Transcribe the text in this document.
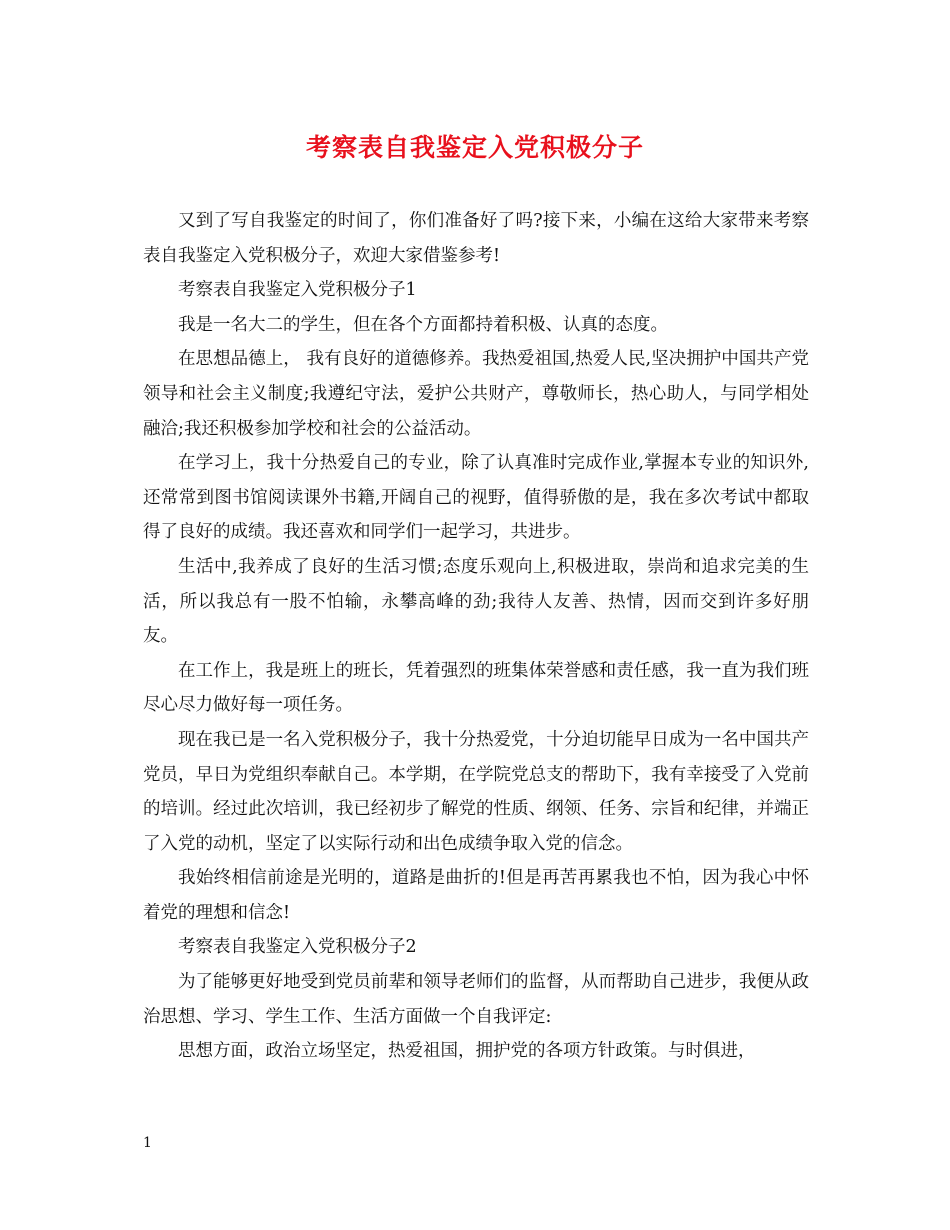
考察表自我鉴定入党积极分子

又到了写自我鉴定的时间了，你们准备好了吗?接下来，小编在这给大家带来考察表自我鉴定入党积极分子，欢迎大家借鉴参考!

考察表自我鉴定入党积极分子1

我是一名大二的学生，但在各个方面都持着积极、认真的态度。

在思想品德上， 我有良好的道德修养。我热爱祖国,热爱人民,坚决拥护中国共产党领导和社会主义制度;我遵纪守法，爱护公共财产，尊敬师长，热心助人，与同学相处融洽;我还积极参加学校和社会的公益活动。

在学习上，我十分热爱自己的专业，除了认真准时完成作业,掌握本专业的知识外,还常常到图书馆阅读课外书籍,开阔自己的视野，值得骄傲的是，我在多次考试中都取得了良好的成绩。我还喜欢和同学们一起学习，共进步。

生活中,我养成了良好的生活习惯;态度乐观向上,积极进取，崇尚和追求完美的生活，所以我总有一股不怕输，永攀高峰的劲;我待人友善、热情，因而交到许多好朋友。

在工作上，我是班上的班长，凭着强烈的班集体荣誉感和责任感，我一直为我们班尽心尽力做好每一项任务。

现在我已是一名入党积极分子，我十分热爱党，十分迫切能早日成为一名中国共产党员，早日为党组织奉献自己。本学期，在学院党总支的帮助下，我有幸接受了入党前的培训。经过此次培训，我已经初步了解党的性质、纲领、任务、宗旨和纪律，并端正了入党的动机，坚定了以实际行动和出色成绩争取入党的信念。

我始终相信前途是光明的，道路是曲折的!但是再苦再累我也不怕，因为我心中怀着党的理想和信念!

考察表自我鉴定入党积极分子2

为了能够更好地受到党员前辈和领导老师们的监督，从而帮助自己进步，我便从政治思想、学习、学生工作、生活方面做一个自我评定:

思想方面，政治立场坚定，热爱祖国，拥护党的各项方针政策。与时俱进，

1
